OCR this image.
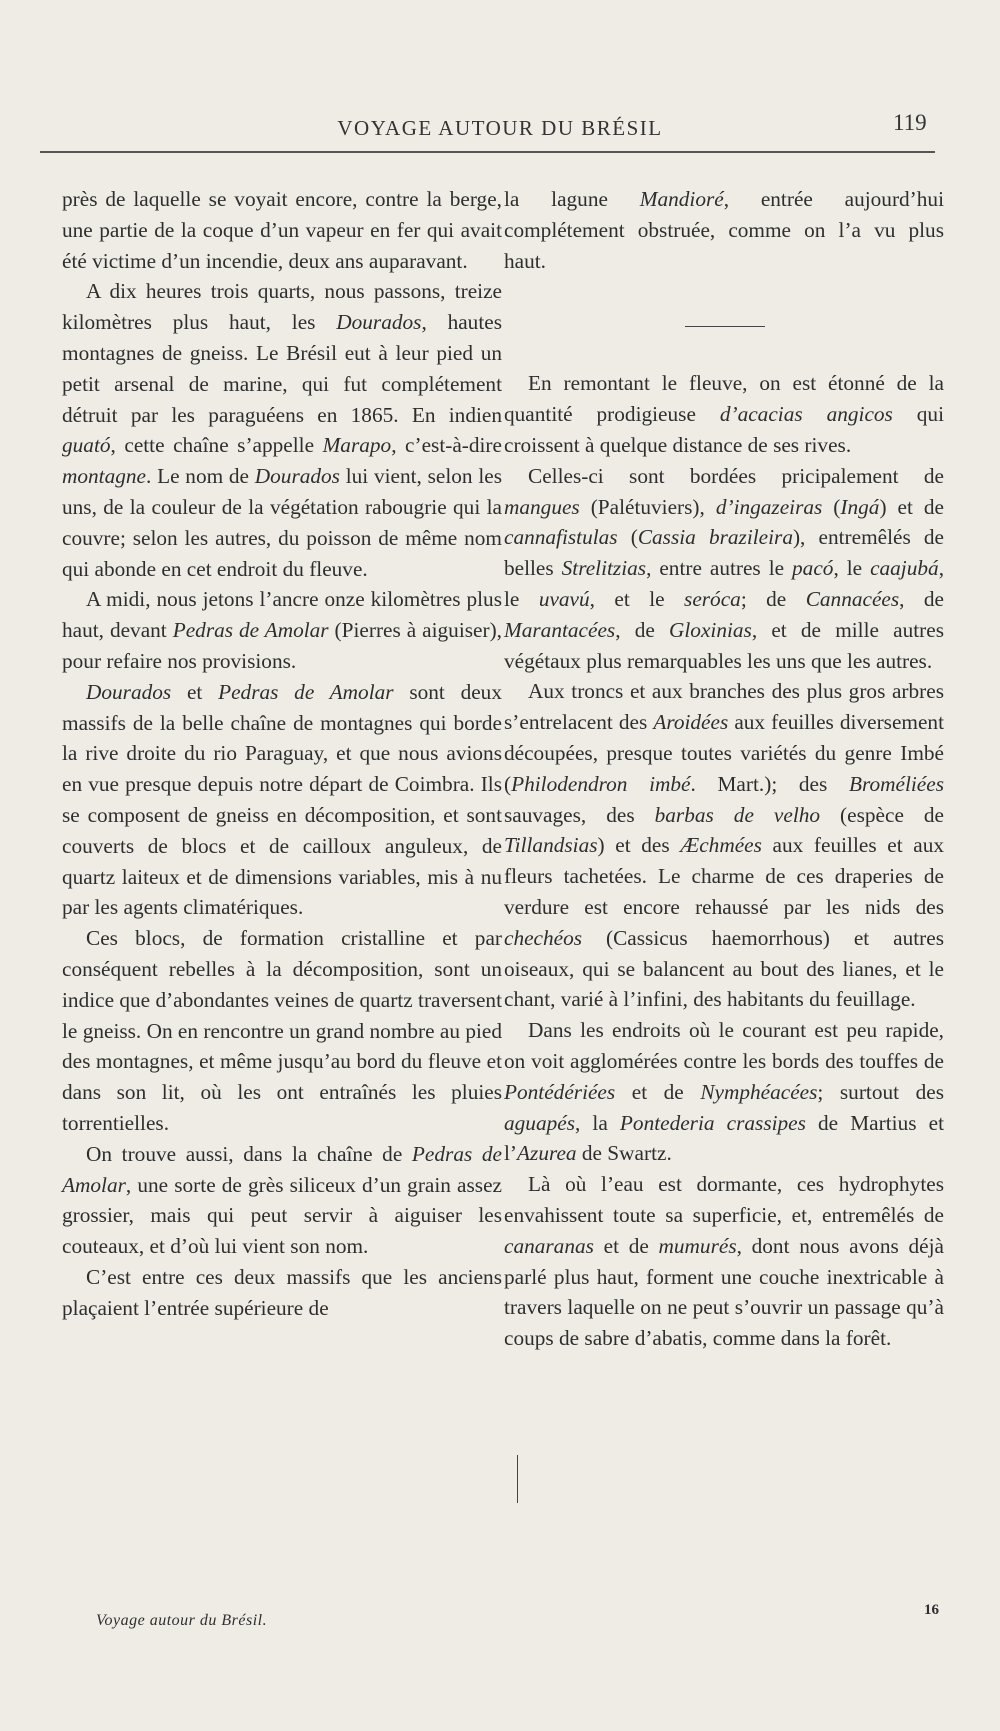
VOYAGE AUTOUR DU BRÉSIL	119

près de laquelle se voyait encore, contre la berge, une partie de la coque d’un vapeur en fer qui avait été victime d’un incendie, deux ans auparavant.

A dix heures trois quarts, nous passons, treize kilomètres plus haut, les Dourados, hautes montagnes de gneiss. Le Brésil eut à leur pied un petit arsenal de marine, qui fut complétement détruit par les paraguéens en 1865. En indien guató, cette chaîne s’appelle Marapo, c’est-à-dire montagne. Le nom de Dourados lui vient, selon les uns, de la couleur de la végétation rabougrie qui la couvre; selon les autres, du poisson de même nom qui abonde en cet endroit du fleuve.

A midi, nous jetons l’ancre onze kilomètres plus haut, devant Pedras de Amolar (Pierres à aiguiser), pour refaire nos provisions.

Dourados et Pedras de Amolar sont deux massifs de la belle chaîne de montagnes qui borde la rive droite du rio Paraguay, et que nous avions en vue presque depuis notre départ de Coimbra. Ils se composent de gneiss en décomposition, et sont couverts de blocs et de cailloux anguleux, de quartz laiteux et de dimensions variables, mis à nu par les agents climatériques.

Ces blocs, de formation cristalline et par conséquent rebelles à la décomposition, sont un indice que d’abondantes veines de quartz traversent le gneiss. On en rencontre un grand nombre au pied des montagnes, et même jusqu’au bord du fleuve et dans son lit, où les ont entraînés les pluies torrentielles.

On trouve aussi, dans la chaîne de Pedras de Amolar, une sorte de grès siliceux d’un grain assez grossier, mais qui peut servir à aiguiser les couteaux, et d’où lui vient son nom.

C’est entre ces deux massifs que les anciens plaçaient l’entrée supérieure de

la lagune Mandioré, entrée aujourd’hui complétement obstruée, comme on l’a vu plus haut.

En remontant le fleuve, on est étonné de la quantité prodigieuse d’acacias angicos qui croissent à quelque distance de ses rives.

Celles-ci sont bordées pricipalement de mangues (Palétuviers), d’ingazeiras (Ingá) et de cannafistulas (Cassia brazileira), entremêlés de belles Strelitzias, entre autres le pacó, le caajubá, le uvavú, et le seróca; de Cannacées, de Marantacées, de Gloxinias, et de mille autres végétaux plus remarquables les uns que les autres.

Aux troncs et aux branches des plus gros arbres s’entrelacent des Aroidées aux feuilles diversement découpées, presque toutes variétés du genre Imbé (Philodendron imbé. Mart.); des Broméliées sauvages, des barbas de velho (espèce de Tillandsias) et des Æchmées aux feuilles et aux fleurs tachetées. Le charme de ces draperies de verdure est encore rehaussé par les nids des chechéos (Cassicus haemorrhous) et autres oiseaux, qui se balancent au bout des lianes, et le chant, varié à l’infini, des habitants du feuillage.

Dans les endroits où le courant est peu rapide, on voit agglomérées contre les bords des touffes de Pontédériées et de Nymphéacées; surtout des aguapés, la Pontederia crassipes de Martius et l’Azurea de Swartz.

Là où l’eau est dormante, ces hydrophytes envahissent toute sa superficie, et, entremêlés de canaranas et de mumurés, dont nous avons déjà parlé plus haut, forment une couche inextricable à travers laquelle on ne peut s’ouvrir un passage qu’à coups de sabre d’abatis, comme dans la forêt.

Voyage autour du Brésil.
16
